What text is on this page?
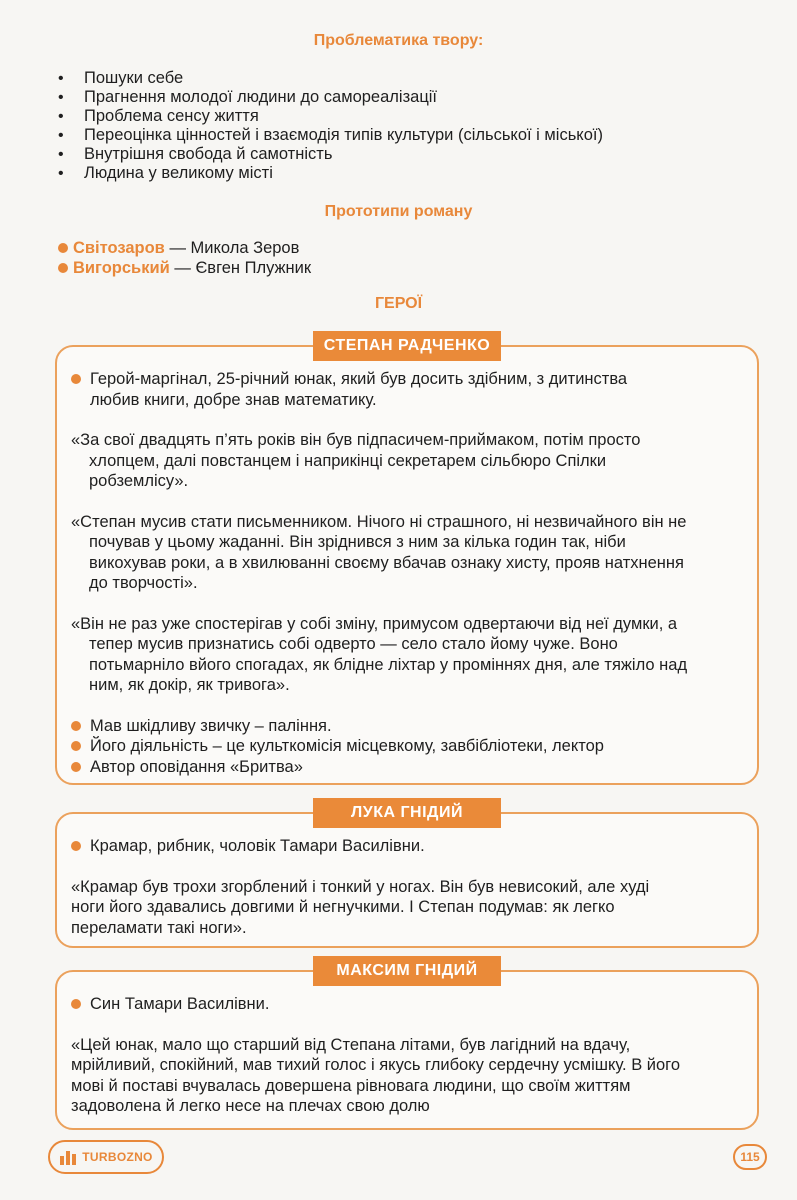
Проблематика твору:
• Пошуки себе
• Прагнення молодої людини до самореалізації
• Проблема сенсу життя
• Переоцінка цінностей і взаємодія типів культури (сільської і міської)
• Внутрішня свобода й самотність
• Людина у великому місті
Прототипи роману
Світозаров
—
Микола Зеров
Вигорський
—
Євген Плужник
ГЕРОЇ
Герой-маргінал, 25-річний юнак, який був досить здібним, з дитинства
любив книги, добре знав математику.
«За свої двадцять п’ять років він був підпасичем-приймаком, потім просто
хлопцем, далі повстанцем і наприкінці секретарем сільбюро Спілки
робземлісу».
«Степан мусив стати письменником. Нічого ні страшного, ні незвичайного він не
почував у цьому жаданні. Він зріднився з ним за кілька годин так, ніби
викохував роки, а в хвилюванні своєму вбачав ознаку хисту, прояв натхнення
до творчості».
«Він не раз уже спостерігав у собі зміну, примусом одвертаючи від неї думки, а
тепер мусив признатись собі одверто — село стало йому чуже. Воно
потьмарніло вйого спогадах, як блідне ліхтар у проміннях дня, але тяжіло над
ним, як докір, як тривога».
Мав шкідливу звичку – паління.
Його діяльність – це культкомісія місцевкому, завбібліотеки, лектор
Автор оповідання «Бритва»
СТЕПАН РАДЧЕНКО
Крамар, рибник, чоловік Тамари Василівни.
«Крамар був трохи згорблений і тонкий у ногах. Він був невисокий, але худі
ноги його здавались довгими й негнучкими. І Степан подумав: як легко
переламати такі ноги».
ЛУКА ГНІДИЙ
Син Тамари Василівни.
«Цей юнак, мало що старший від Степана літами, був лагідний на вдачу,
мрійливий, спокійний, мав тихий голос і якусь глибоку сердечну усмішку. В його
мові й поставі вчувалась довершена рівновага людини, що своїм життям
задоволена й легко несе на плечах свою долю
МАКСИМ ГНІДИЙ
TURBOZNO	115
